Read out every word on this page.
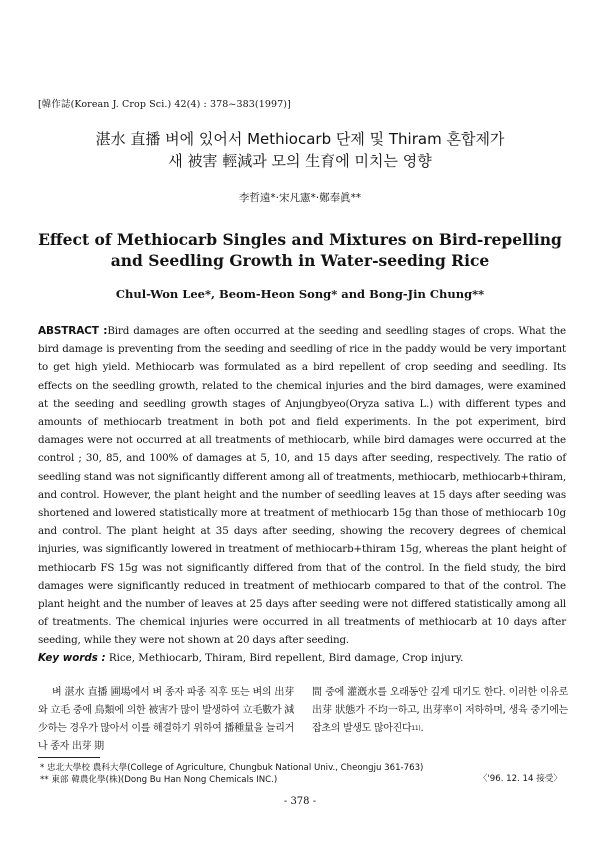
[韓作誌(Korean J. Crop Sci.) 42(4) : 378~383(1997)]
湛水 直播 벼에 있어서 Methiocarb 단제 및 Thiram 혼합제가
새 被害 輕減과 모의 生育에 미치는 영향
李哲遠*·宋凡憲*·鄭奉眞**
Effect of Methiocarb Singles and Mixtures on Bird-repelling
and Seedling Growth in Water-seeding Rice
Chul-Won Lee*, Beom-Heon Song* and Bong-Jin Chung**
ABSTRACT :Bird damages are often occurred at the seeding and seedling stages of crops. What the bird damage is preventing from the seeding and seedling of rice in the paddy would be very important to get high yield. Methiocarb was formulated as a bird repellent of crop seeding and seedling. Its effects on the seedling growth, related to the chemical injuries and the bird damages, were examined at the seeding and seedling growth stages of Anjungbyeo(Oryza sativa L.) with different types and amounts of methiocarb treatment in both pot and field experiments. In the pot experiment, bird damages were not occurred at all treatments of methiocarb, while bird damages were occurred at the control ; 30, 85, and 100% of damages at 5, 10, and 15 days after seeding, respectively. The ratio of seedling stand was not significantly different among all of treatments, methiocarb, methiocarb+thiram, and control. However, the plant height and the number of seedling leaves at 15 days after seeding was shortened and lowered statistically more at treatment of methiocarb 15g than those of methiocarb 10g and control. The plant height at 35 days after seeding, showing the recovery degrees of chemical injuries, was significantly lowered in treatment of methiocarb+thiram 15g, whereas the plant height of methiocarb FS 15g was not significantly differed from that of the control. In the field study, the bird damages were significantly reduced in treatment of methiocarb compared to that of the control. The plant height and the number of leaves at 25 days after seeding were not differed statistically among all of treatments. The chemical injuries were occurred in all treatments of methiocarb at 10 days after seeding, while they were not shown at 20 days after seeding.
Key words : Rice, Methiocarb, Thiram, Bird repellent, Bird damage, Crop injury.
벼 湛水 直播 圃場에서 벼 종자 파종 직후 또는 벼의 出芽와 立毛 중에 鳥類에 의한 被害가 많이 발생하여 立毛數가 減少하는 경우가 많아서 이를 해결하기 위하여 播種量을 늘리거나 종자 出芽 期
間 중에 灌漑水를 오래동안 깊게 대기도 한다. 이러한 이유로 出芽 狀態가 不均一하고, 出芽率이 저하하며, 생육 중기에는 잡초의 발생도 많아진다$^{11)}$.
* 忠北大學校 農科大學(College of Agriculture, Chungbuk National Univ., Cheongju 361-763)
** 東部 韓農化學(株)(Dong Bu Han Nong Chemicals INC.)	〈'96. 12. 14 接受〉
- 378 -
